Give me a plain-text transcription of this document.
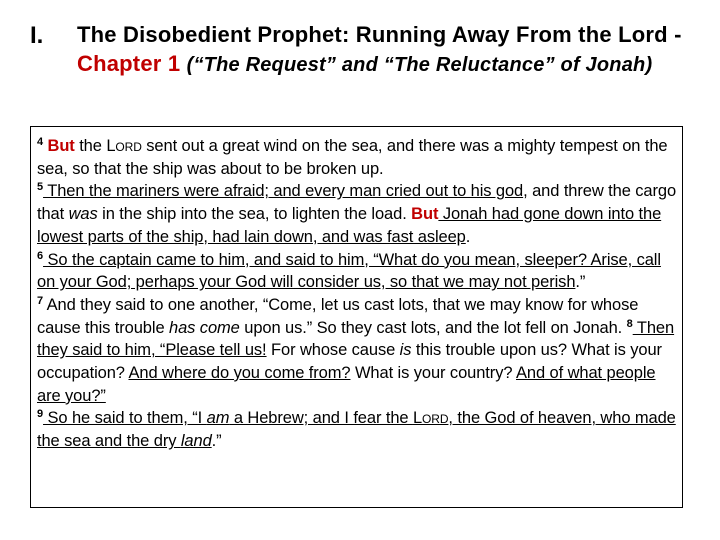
I. The Disobedient Prophet: Running Away From the Lord - Chapter 1 (“The Request” and “The Reluctance” of Jonah)
$^4$ But the Lord sent out a great wind on the sea, and there was a mighty tempest on the sea, so that the ship was about to be broken up.
$^5$ Then the mariners were afraid; and every man cried out to his god, and threw the cargo that was in the ship into the sea, to lighten the load. But Jonah had gone down into the lowest parts of the ship, had lain down, and was fast asleep.
$^6$ So the captain came to him, and said to him, “What do you mean, sleeper? Arise, call on your God; perhaps your God will consider us, so that we may not perish.”
$^7$ And they said to one another, “Come, let us cast lots, that we may know for whose cause this trouble has come upon us.” So they cast lots, and the lot fell on Jonah. $^8$ Then they said to him, “Please tell us! For whose cause is this trouble upon us? What is your occupation? And where do you come from? What is your country? And of what people are you?”
$^9$ So he said to them, “I am a Hebrew; and I fear the Lord, the God of heaven, who made the sea and the dry land.”
